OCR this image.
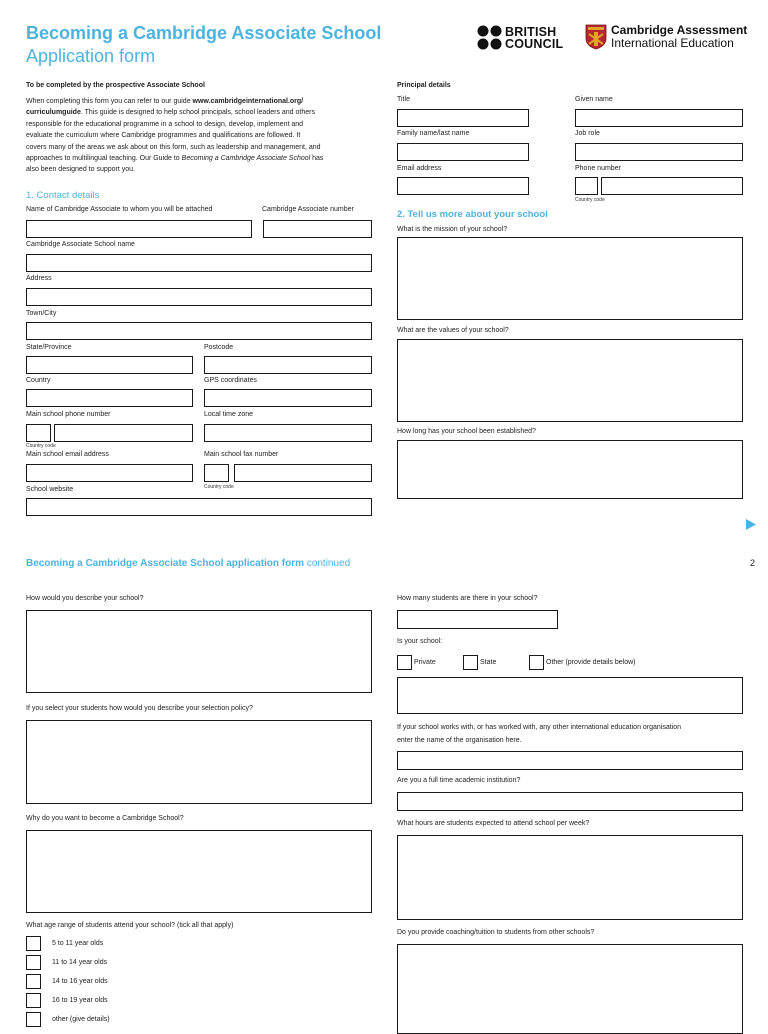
Becoming a Cambridge Associate School
Application form
BRITISH
COUNCIL
Cambridge Assessment
International Education
To be completed by the prospective Associate School
When completing this form you can refer to our guide www.cambridgeinternational.org/
curriculumguide. This guide is designed to help school principals, school leaders and others
responsible for the educational programme in a school to design, develop, implement and
evaluate the curriculum where Cambridge programmes and qualifications are followed. It
covers many of the areas we ask about on this form, such as leadership and management, and
approaches to multilingual teaching. Our Guide to Becoming a Cambridge Associate School has
also been designed to support you.
1. Contact details
Name of Cambridge Associate to whom you will be attached	Cambridge Associate number
Cambridge Associate School name
Address
Town/City
State/Province	Postcode
Country	GPS coordinates
Main school phone number	Local time zone
Country code
Main school email address	Main school fax number
Country code
School website
Principal details
Title	Given name
Family name/last name	Job role
Email address	Phone number
Country code
2. Tell us more about your school
What is the mission of your school?
What are the values of your school?
How long has your school been established?
Becoming a Cambridge Associate School application form continued	2
How would you describe your school?
If you select your students how would you describe your selection policy?
Why do you want to become a Cambridge School?
What age range of students attend your school? (tick all that apply)
5 to 11 year olds
11 to 14 year olds
14 to 16 year olds
16 to 19 year olds
other (give details)
How many students are there in your school?
Is your school:
Private	State	Other (provide details below)
If your school works with, or has worked with, any other international education organisation
enter the name of the organisation here.
Are you a full time academic institution?
What hours are students expected to attend school per week?
Do you provide coaching/tuition to students from other schools?
